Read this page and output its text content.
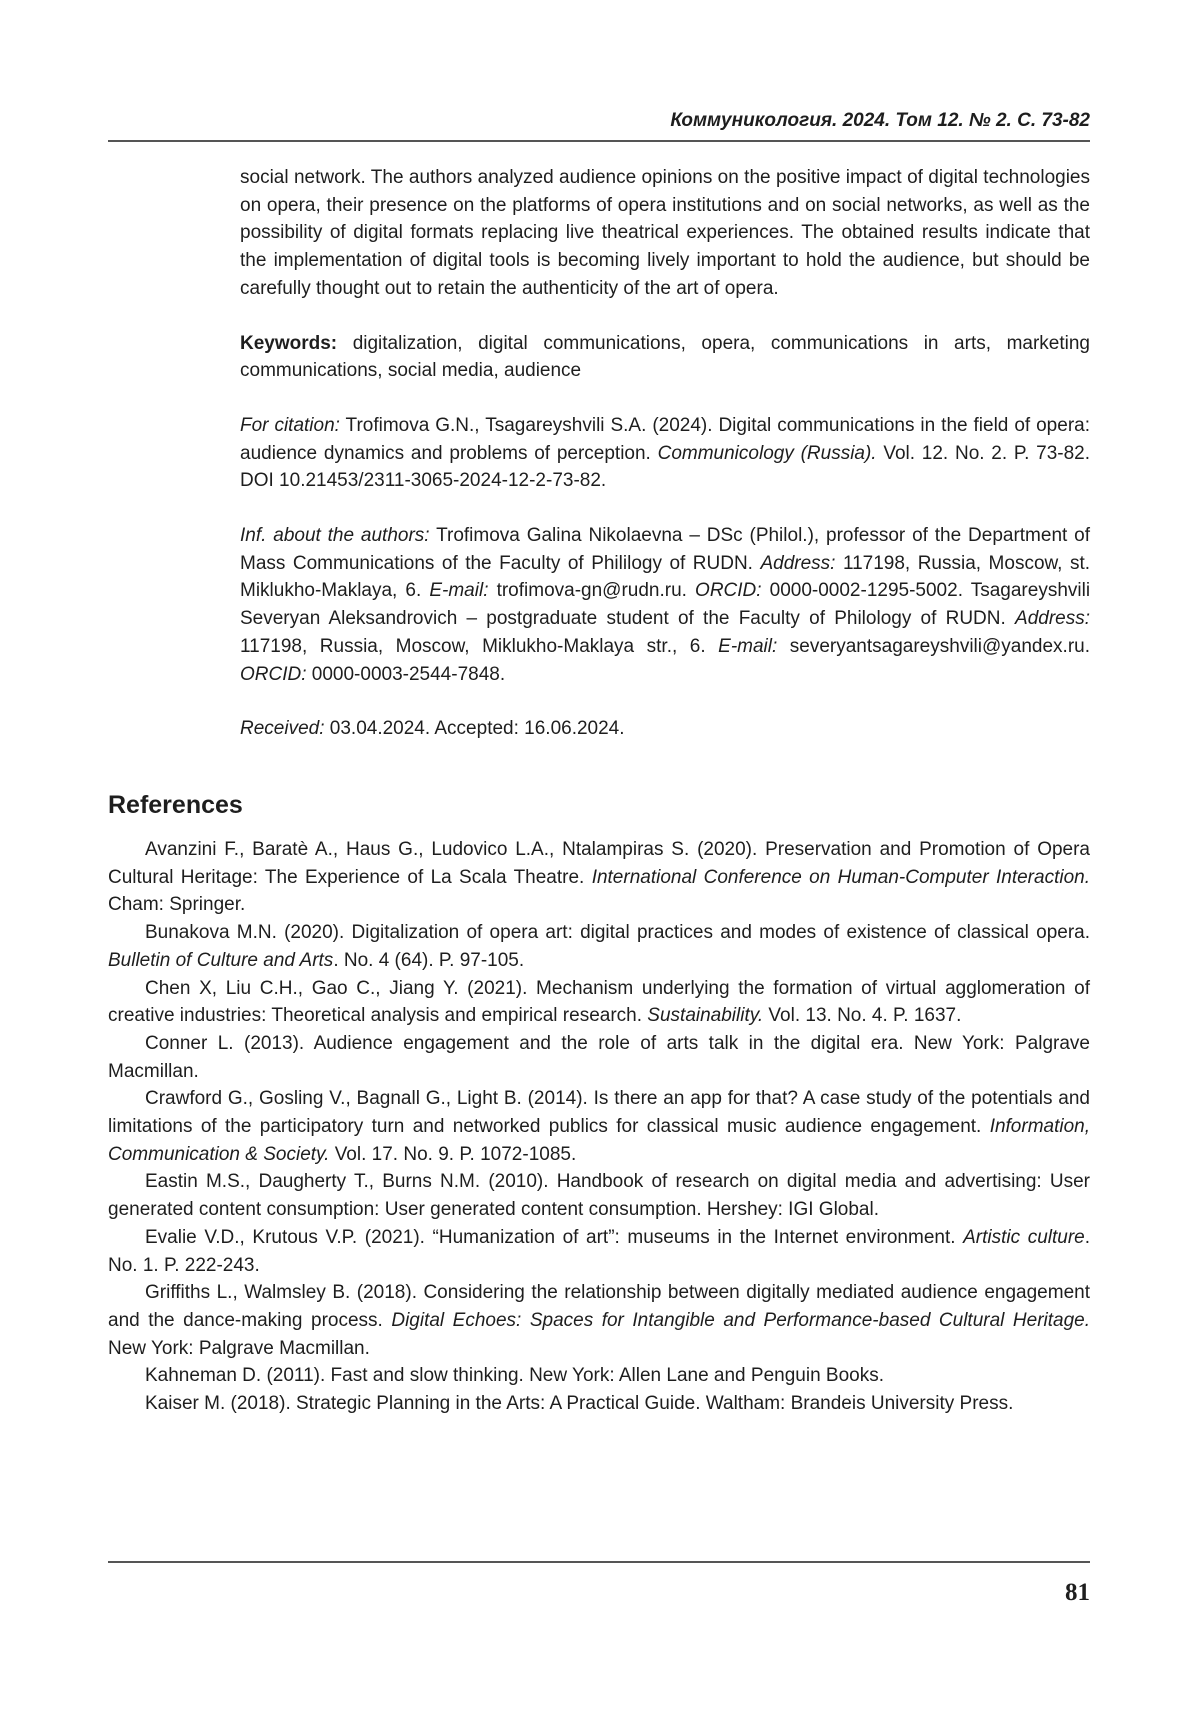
Коммуникология. 2024. Том 12. № 2. С. 73-82

social network. The authors analyzed audience opinions on the positive impact of digital technologies on opera, their presence on the platforms of opera institutions and on social networks, as well as the possibility of digital formats replacing live theatrical experiences. The obtained results indicate that the implementation of digital tools is becoming lively important to hold the audience, but should be carefully thought out to retain the authenticity of the art of opera.

Keywords: digitalization, digital communications, opera, communications in arts, marketing communications, social media, audience

For citation: Trofimova G.N., Tsagareyshvili S.A. (2024). Digital communications in the field of opera: audience dynamics and problems of perception. Communicology (Russia). Vol. 12. No. 2. P. 73-82. DOI 10.21453/2311-3065-2024-12-2-73-82.

Inf. about the authors: Trofimova Galina Nikolaevna – DSc (Philol.), professor of the Department of Mass Communications of the Faculty of Phililogy of RUDN. Address: 117198, Russia, Moscow, st. Miklukho-Maklaya, 6. E-mail: trofimova-gn@rudn.ru. ORCID: 0000-0002-1295-5002. Tsagareyshvili Severyan Aleksandrovich – postgraduate student of the Faculty of Philology of RUDN. Address: 117198, Russia, Moscow, Miklukho-Maklaya str., 6. E-mail: severyantsagareyshvili@yandex.ru. ORCID: 0000-0003-2544-7848.

Received: 03.04.2024. Accepted: 16.06.2024.

References

Avanzini F., Baratè A., Haus G., Ludovico L.A., Ntalampiras S. (2020). Preservation and Promotion of Opera Cultural Heritage: The Experience of La Scala Theatre. International Conference on Human-Computer Interaction. Cham: Springer.

Bunakova M.N. (2020). Digitalization of opera art: digital practices and modes of existence of classical opera. Bulletin of Culture and Arts. No. 4 (64). P. 97-105.

Chen X, Liu C.H., Gao C., Jiang Y. (2021). Mechanism underlying the formation of virtual agglomeration of creative industries: Theoretical analysis and empirical research. Sustainability. Vol. 13. No. 4. P. 1637.

Conner L. (2013). Audience engagement and the role of arts talk in the digital era. New York: Palgrave Macmillan.

Crawford G., Gosling V., Bagnall G., Light B. (2014). Is there an app for that? A case study of the potentials and limitations of the participatory turn and networked publics for classical music audience engagement. Information, Communication & Society. Vol. 17. No. 9. P. 1072-1085.

Eastin M.S., Daugherty T., Burns N.M. (2010). Handbook of research on digital media and advertising: User generated content consumption: User generated content consumption. Hershey: IGI Global.

Evalie V.D., Krutous V.P. (2021). “Humanization of art”: museums in the Internet environment. Artistic culture. No. 1. P. 222-243.

Griffiths L., Walmsley B. (2018). Considering the relationship between digitally mediated audience engagement and the dance-making process. Digital Echoes: Spaces for Intangible and Performance-based Cultural Heritage. New York: Palgrave Macmillan.

Kahneman D. (2011). Fast and slow thinking. New York: Allen Lane and Penguin Books.

Kaiser M. (2018). Strategic Planning in the Arts: A Practical Guide. Waltham: Brandeis University Press.

81
